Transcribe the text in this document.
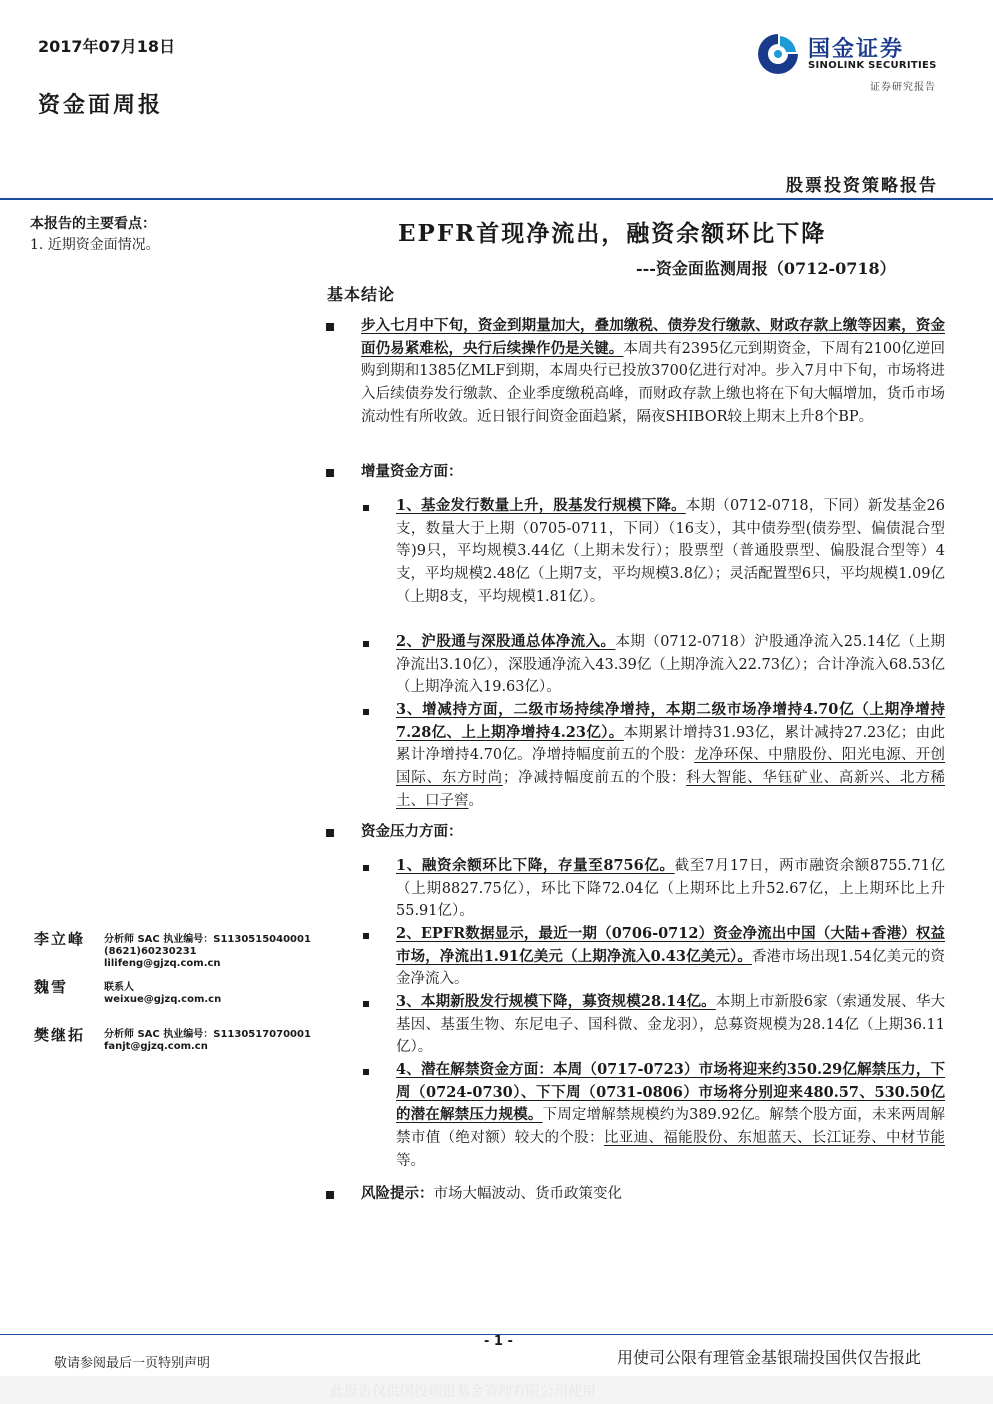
2017年07月18日
资金面周报
国金证券
SINOLINK SECURITIES
证券研究报告
股票投资策略报告
本报告的主要看点：
1. 近期资金面情况。	EPFR首现净流出，融资余额环比下降
---资金面监测周报（0712-0718）
基本结论
步入七月中下旬，资金到期量加大，叠加缴税、债券发行缴款、财政存款上缴等因素，资金面仍易紧难松，央行后续操作仍是关键。本周共有2395亿元到期资金，下周有2100亿逆回购到期和1385亿MLF到期，本周央行已投放3700亿进行对冲。步入7月中下旬，市场将进入后续债券发行缴款、企业季度缴税高峰，而财政存款上缴也将在下旬大幅增加，货币市场流动性有所收敛。近日银行间资金面趋紧，隔夜SHIBOR较上期末上升8个BP。
增量资金方面：
1、基金发行数量上升，股基发行规模下降。本期（0712-0718，下同）新发基金26支，数量大于上期（0705-0711，下同）（16支），其中债券型(债券型、偏债混合型等)9只，平均规模3.44亿（上期未发行）；股票型（普通股票型、偏股混合型等）4支，平均规模2.48亿（上期7支，平均规模3.8亿）；灵活配置型6只，平均规模1.09亿（上期8支，平均规模1.81亿）。
2、沪股通与深股通总体净流入。本期（0712-0718）沪股通净流入25.14亿（上期净流出3.10亿），深股通净流入43.39亿（上期净流入22.73亿）；合计净流入68.53亿（上期净流入19.63亿）。
3、增减持方面，二级市场持续净增持，本期二级市场净增持4.70亿（上期净增持7.28亿、上上期净增持4.23亿）。本期累计增持31.93亿，累计减持27.23亿；由此累计净增持4.70亿。净增持幅度前五的个股：龙净环保、中鼎股份、阳光电源、开创国际、东方时尚；净减持幅度前五的个股：科大智能、华钰矿业、高新兴、北方稀土、口子窖。
资金压力方面：
1、融资余额环比下降，存量至8756亿。截至7月17日，两市融资余额8755.71亿（上期8827.75亿），环比下降72.04亿（上期环比上升52.67亿，上上期环比上升55.91亿）。
2、EPFR数据显示，最近一期（0706-0712）资金净流出中国（大陆+香港）权益市场，净流出1.91亿美元（上期净流入0.43亿美元）。香港市场出现1.54亿美元的资金净流入。
3、本期新股发行规模下降，募资规模28.14亿。本期上市新股6家（索通发展、华大基因、基蛋生物、东尼电子、国科微、金龙羽），总募资规模为28.14亿（上期36.11亿）。
4、潜在解禁资金方面：本周（0717-0723）市场将迎来约350.29亿解禁压力，下周（0724-0730）、下下周（0731-0806）市场将分别迎来480.57、530.50亿的潜在解禁压力规模。下周定增解禁规模约为389.92亿。解禁个股方面，未来两周解禁市值（绝对额）较大的个股：比亚迪、福能股份、东旭蓝天、长江证券、中材节能等。
风险提示：市场大幅波动、货币政策变化
李立峰 分析师 SAC 执业编号：S1130515040001
(8621)60230231
lilifeng@gjzq.com.cn
魏雪	联系人
weixue@gjzq.com.cn
樊继拓 分析师 SAC 执业编号：S1130517070001
fanjt@gjzq.com.cn
- 1 -
敬请参阅最后一页特别声明	用使司公限有理管金基银瑞投国供仅告报此
此报告仅供国投瑞银基金管理有限公司使用
